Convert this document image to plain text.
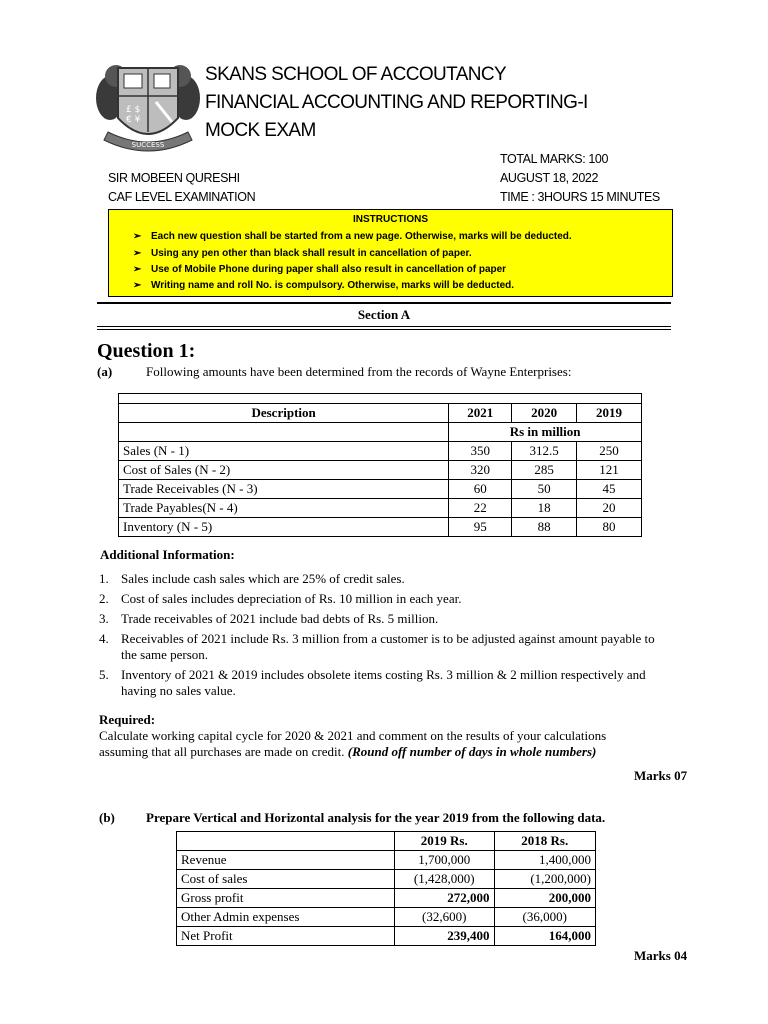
£ $
€ ¥
SUCCESS
SKANS SCHOOL OF ACCOUTANCY
FINANCIAL ACCOUNTING AND REPORTING-I
MOCK EXAM
TOTAL MARKS: 100
SIR MOBEEN QURESHI	AUGUST 18, 2022
CAF LEVEL EXAMINATION	TIME : 3HOURS 15 MINUTES
INSTRUCTIONS
➢ Each new question shall be started from a new page. Otherwise, marks will be deducted.
➢ Using any pen other than black shall result in cancellation of paper.
➢ Use of Mobile Phone during paper shall also result in cancellation of paper
➢ Writing name and roll No. is compulsory. Otherwise, marks will be deducted.
Section A
Question 1:
(a)	Following amounts have been determined from the records of Wayne Enterprises:

Description	2021	2020	2019
	Rs in million		
Sales (N - 1)	350	312.5	250
Cost of Sales (N - 2)	320	285	121
Trade Receivables (N - 3)	60	50	45
Trade Payables(N - 4)	22	18	20
Inventory (N - 5)	95	88	80
Additional Information:
1. Sales include cash sales which are 25% of credit sales.
2. Cost of sales includes depreciation of Rs. 10 million in each year.
3. Trade receivables of 2021 include bad debts of Rs. 5 million.
4. Receivables of 2021 include Rs. 3 million from a customer is to be adjusted against amount payable to the same person.
5. Inventory of 2021 & 2019 includes obsolete items costing Rs. 3 million & 2 million respectively and having no sales value.
Required:
Calculate working capital cycle for 2020 & 2021 and comment on the results of your calculations
assuming that all purchases are made on credit. (Round off number of days in whole numbers)
Marks 07
(b) Prepare Vertical and Horizontal analysis for the year 2019 from the following data.
	2019 Rs.	2018 Rs.
Revenue	1,700,000	1,400,000
Cost of sales	(1,428,000)	(1,200,000)
Gross profit	272,000	200,000
Other Admin expenses	(32,600)	(36,000)
Net Profit	239,400	164,000
Marks 04
